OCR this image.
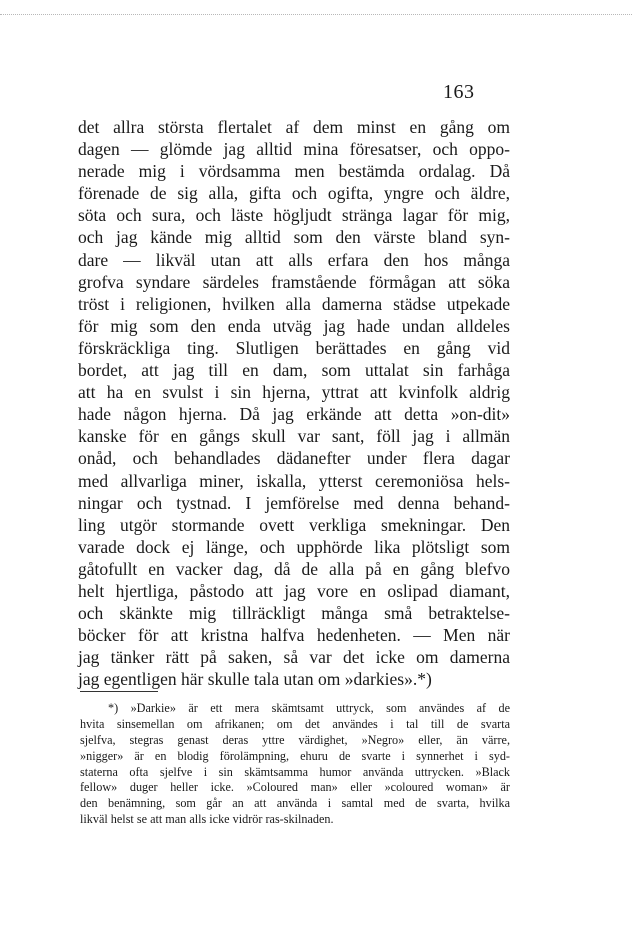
163
det allra största flertalet af dem minst en gång om
dagen — glömde jag alltid mina föresatser, och oppo-
nerade mig i vördsamma men bestämda ordalag. Då
förenade de sig alla, gifta och ogifta, yngre och äldre,
söta och sura, och läste högljudt stränga lagar för mig,
och jag kände mig alltid som den värste bland syn-
dare — likväl utan att alls erfara den hos många
grofva syndare särdeles framstående förmågan att söka
tröst i religionen, hvilken alla damerna städse utpekade
för mig som den enda utväg jag hade undan alldeles
förskräckliga ting. Slutligen berättades en gång vid
bordet, att jag till en dam, som uttalat sin farhåga
att ha en svulst i sin hjerna, yttrat att kvinfolk aldrig
hade någon hjerna. Då jag erkände att detta »on-dit»
kanske för en gångs skull var sant, föll jag i allmän
onåd, och behandlades dädanefter under flera dagar
med allvarliga miner, iskalla, ytterst ceremoniösa hels-
ningar och tystnad. I jemförelse med denna behand-
ling utgör stormande ovett verkliga smekningar. Den
varade dock ej länge, och upphörde lika plötsligt som
gåtofullt en vacker dag, då de alla på en gång blefvo
helt hjertliga, påstodo att jag vore en oslipad diamant,
och skänkte mig tillräckligt många små betraktelse-
böcker för att kristna halfva hedenheten. — Men när
jag tänker rätt på saken, så var det icke om damerna
jag egentligen här skulle tala utan om »darkies».*)
*) »Darkie» är ett mera skämtsamt uttryck, som användes af de
hvita sinsemellan om afrikanen; om det användes i tal till de svarta
sjelfva, stegras genast deras yttre värdighet, »Negro» eller, än värre,
»nigger» är en blodig förolämpning, ehuru de svarte i synnerhet i syd-
staterna ofta sjelfve i sin skämtsamma humor använda uttrycken. »Black
fellow» duger heller icke. »Coloured man» eller »coloured woman» är
den benämning, som går an att använda i samtal med de svarta, hvilka
likväl helst se att man alls icke vidrör ras-skilnaden.
